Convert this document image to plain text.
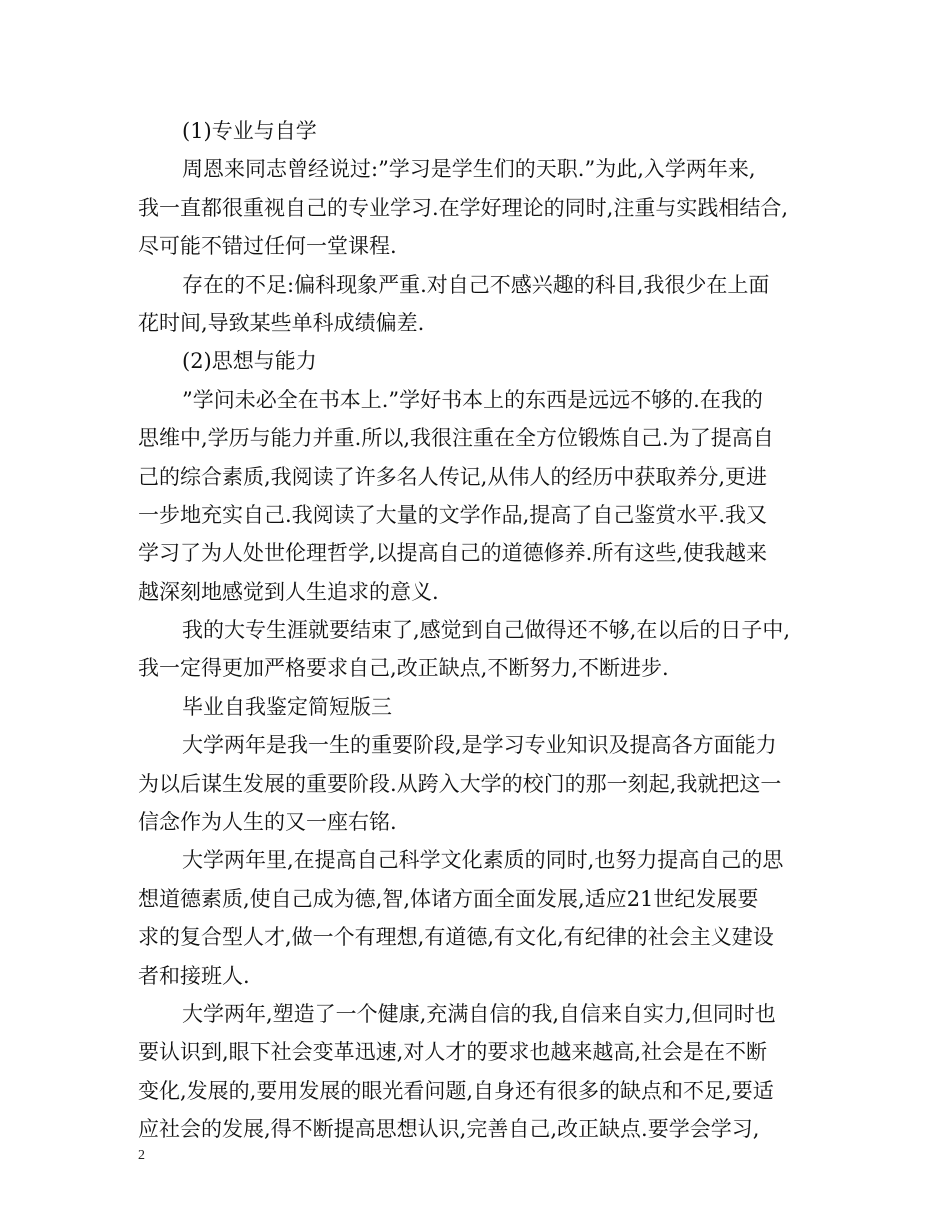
(1)专业与自学
周恩来同志曾经说过:”学习是学生们的天职.”为此,入学两年来,
我一直都很重视自己的专业学习.在学好理论的同时,注重与实践相结合,
尽可能不错过任何一堂课程.
存在的不足:偏科现象严重.对自己不感兴趣的科目,我很少在上面
花时间,导致某些单科成绩偏差.
(2)思想与能力
”学问未必全在书本上.”学好书本上的东西是远远不够的.在我的
思维中,学历与能力并重.所以,我很注重在全方位锻炼自己.为了提高自
己的综合素质,我阅读了许多名人传记,从伟人的经历中获取养分,更进
一步地充实自己.我阅读了大量的文学作品,提高了自己鉴赏水平.我又
学习了为人处世伦理哲学,以提高自己的道德修养.所有这些,使我越来
越深刻地感觉到人生追求的意义.
我的大专生涯就要结束了,感觉到自己做得还不够,在以后的日子中,
我一定得更加严格要求自己,改正缺点,不断努力,不断进步.
毕业自我鉴定简短版三
大学两年是我一生的重要阶段,是学习专业知识及提高各方面能力
为以后谋生发展的重要阶段.从跨入大学的校门的那一刻起,我就把这一
信念作为人生的又一座右铭.
大学两年里,在提高自己科学文化素质的同时,也努力提高自己的思
想道德素质,使自己成为德,智,体诸方面全面发展,适应21世纪发展要
求的复合型人才,做一个有理想,有道德,有文化,有纪律的社会主义建设
者和接班人.
大学两年,塑造了一个健康,充满自信的我,自信来自实力,但同时也
要认识到,眼下社会变革迅速,对人才的要求也越来越高,社会是在不断
变化,发展的,要用发展的眼光看问题,自身还有很多的缺点和不足,要适
应社会的发展,得不断提高思想认识,完善自己,改正缺点.要学会学习,
2
